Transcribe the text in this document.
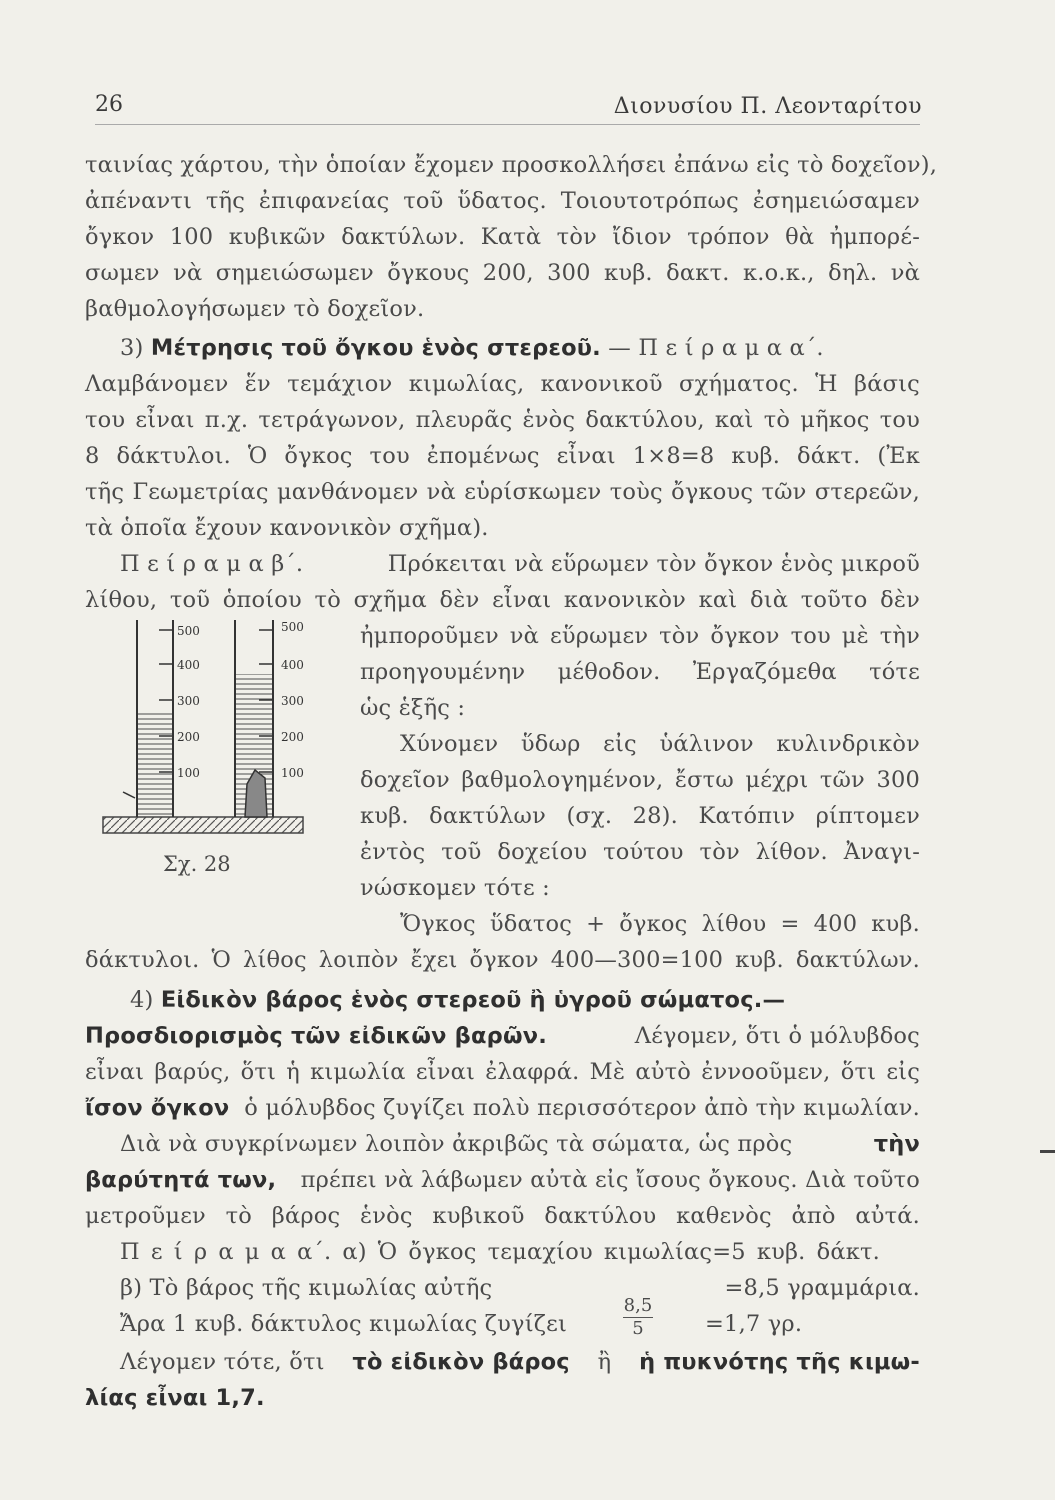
26	Διονυσίου Π. Λεονταρίτου
ταινίας χάρτου, τὴν ὁποίαν ἔχομεν προσκολλήσει ἐπάνω εἰς τὸ δοχεῖον),
ἀπέναντι τῆς ἐπιφανείας τοῦ ὕδατος. Τοιουτοτρόπως ἐσημειώσαμεν
ὄγκον 100 κυβικῶν δακτύλων. Κατὰ τὸν ἴδιον τρόπον θὰ ἠμπορέ-
σωμεν νὰ σημειώσωμεν ὄγκους 200, 300 κυβ. δακτ. κ.ο.κ., δηλ. νὰ
βαθμολογήσωμεν τὸ δοχεῖον.
3) Μέτρησις τοῦ ὄγκου ἑνὸς στερεοῦ. — Π ε ί ρ α μ α α΄.
Λαμβάνομεν ἕν τεμάχιον κιμωλίας, κανονικοῦ σχήματος. Ἡ βάσις
του εἶναι π.χ. τετράγωνον, πλευρᾶς ἑνὸς δακτύλου, καὶ τὸ μῆκος του
8 δάκτυλοι. Ὁ ὄγκος του ἐπομένως εἶναι 1×8=8 κυβ. δάκτ. (Ἐκ
τῆς Γεωμετρίας μανθάνομεν νὰ εὑρίσκωμεν τοὺς ὄγκους τῶν στερεῶν,
τὰ ὁποῖα ἔχουν κανονικὸν σχῆμα).
Π ε ί ρ α μ α β΄.	Πρόκειται νὰ εὕρωμεν τὸν ὄγκον ἑνὸς μικροῦ
λίθου, τοῦ ὁποίου τὸ σχῆμα δὲν εἶναι κανονικὸν καὶ διὰ τοῦτο δὲν
ἠμποροῦμεν νὰ εὕρωμεν τὸν ὄγκον του μὲ τὴν
προηγουμένην μέθοδον. Ἐργαζόμεθα τότε
ὡς ἑξῆς :
Χύνομεν ὕδωρ εἰς ὑάλινον κυλινδρικὸν
δοχεῖον βαθμολογημένον, ἔστω μέχρι τῶν 300
κυβ. δακτύλων (σχ. 28). Κατόπιν ρίπτομεν
ἐντὸς τοῦ δοχείου τούτου τὸν λίθον. Ἀναγι-
νώσκομεν τότε :
Ὄγκος ὕδατος + ὄγκος λίθου = 400 κυβ.
δάκτυλοι. Ὁ λίθος λοιπὸν ἔχει ὄγκον 400—300=100 κυβ. δακτύλων.
500
400
300
200
100
500
400
300
200
100
Σχ. 28
4) Εἰδικὸν βάρος ἑνὸς στερεοῦ ἢ ὑγροῦ σώματος.—
Προσδιορισμὸς τῶν εἰδικῶν βαρῶν.	Λέγομεν, ὅτι ὁ μόλυβδος
εἶναι βαρύς, ὅτι ἡ κιμωλία εἶναι ἐλαφρά. Μὲ αὐτὸ ἐννοοῦμεν, ὅτι εἰς
ἴσον ὄγκον ὁ μόλυβδος ζυγίζει πολὺ περισσότερον ἀπὸ τὴν κιμωλίαν.
Διὰ νὰ συγκρίνωμεν λοιπὸν ἀκριβῶς τὰ σώματα, ὡς πρὸς	τὴν
βαρύτητά των, πρέπει νὰ λάβωμεν αὐτὰ εἰς ἴσους ὄγκους. Διὰ τοῦτο
μετροῦμεν τὸ βάρος ἑνὸς κυβικοῦ δακτύλου καθενὸς ἀπὸ αὐτά.
Π ε ί ρ α μ α α΄. α) Ὁ ὄγκος τεμαχίου κιμωλίας=5 κυβ. δάκτ.
β) Τὸ βάρος τῆς κιμωλίας αὐτῆς	=8,5 γραμμάρια.
Ἄρα 1 κυβ. δάκτυλος κιμωλίας ζυγίζει	$\frac{8,5}{5} =1,7$ γρ.
Λέγομεν τότε, ὅτι τὸ εἰδικὸν βάρος ἢ ἡ πυκνότης τῆς κιμω-
λίας εἶναι 1,7.
